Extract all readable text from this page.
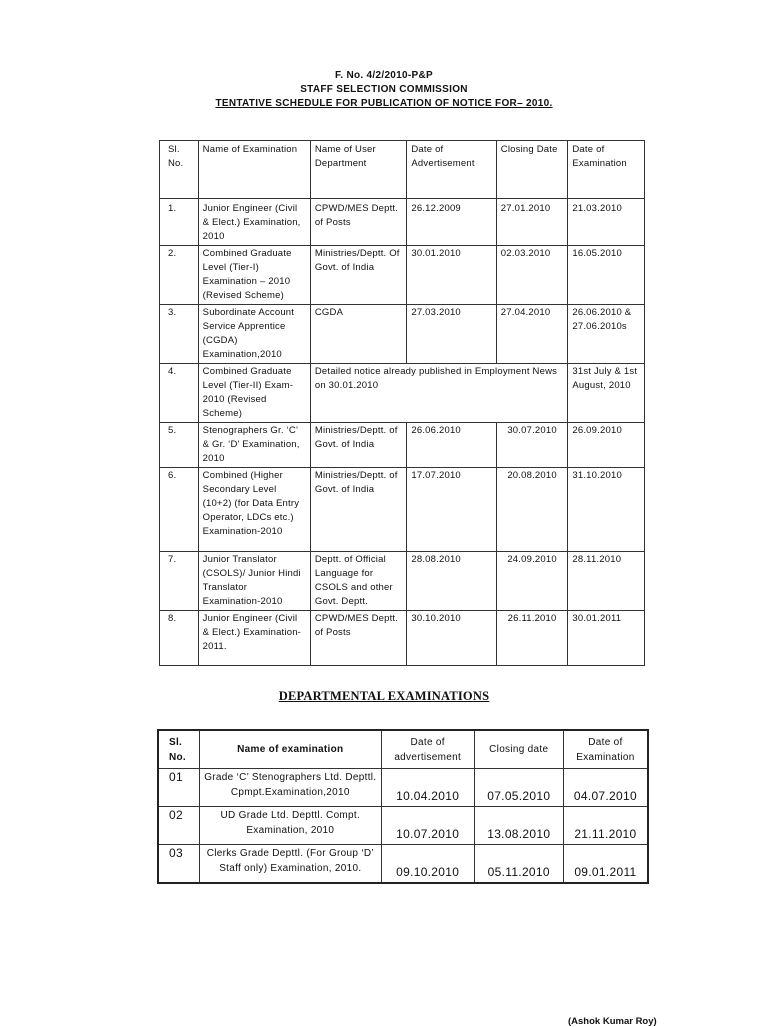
F. No. 4/2/2010-P&P
STAFF SELECTION COMMISSION
TENTATIVE SCHEDULE FOR PUBLICATION OF NOTICE FOR– 2010.
Sl. No.	Name of Examination	Name of User Department	Date of Advertisement	Closing Date	Date of Examination
1.	Junior Engineer (Civil & Elect.) Examination, 2010	CPWD/MES Deptt. of Posts	26.12.2009	27.01.2010	21.03.2010
2.	Combined Graduate Level (Tier-I) Examination – 2010 (Revised Scheme)	Ministries/Deptt. Of Govt. of India	30.01.2010	02.03.2010	16.05.2010
3.	Subordinate Account Service Apprentice (CGDA) Examination,2010	CGDA	27.03.2010	27.04.2010	26.06.2010 & 27.06.2010s
4.	Combined Graduate Level (Tier-II) Exam- 2010 (Revised Scheme)	Detailed notice already published in Employment News on 30.01.2010			31st July & 1st August, 2010
5.	Stenographers Gr. ‘C’ & Gr. ‘D’ Examination, 2010	Ministries/Deptt. of Govt. of India	26.06.2010	30.07.2010	26.09.2010
6.	Combined (Higher Secondary Level (10+2) (for Data Entry Operator, LDCs etc.) Examination-2010	Ministries/Deptt. of Govt. of India	17.07.2010	20.08.2010	31.10.2010
7.	Junior Translator (CSOLS)/ Junior Hindi Translator Examination-2010	Deptt. of Official Language for CSOLS and other Govt. Deptt.	28.08.2010	24.09.2010	28.11.2010
8.	Junior Engineer (Civil & Elect.) Examination-2011.	CPWD/MES Deptt. of Posts	30.10.2010	26.11.2010	30.01.2011
DEPARTMENTAL EXAMINATIONS
Sl. No.	Name of examination	Date of advertisement	Closing date	Date of Examination
01	Grade ‘C’ Stenographers Ltd. Depttl. Cpmpt.Examination,2010	10.04.2010	07.05.2010	04.07.2010
02	UD Grade Ltd. Depttl. Compt. Examination, 2010	10.07.2010	13.08.2010	21.11.2010
03	Clerks Grade Depttl. (For Group ‘D’ Staff only) Examination, 2010.	09.10.2010	05.11.2010	09.01.2011
(Ashok Kumar Roy)
